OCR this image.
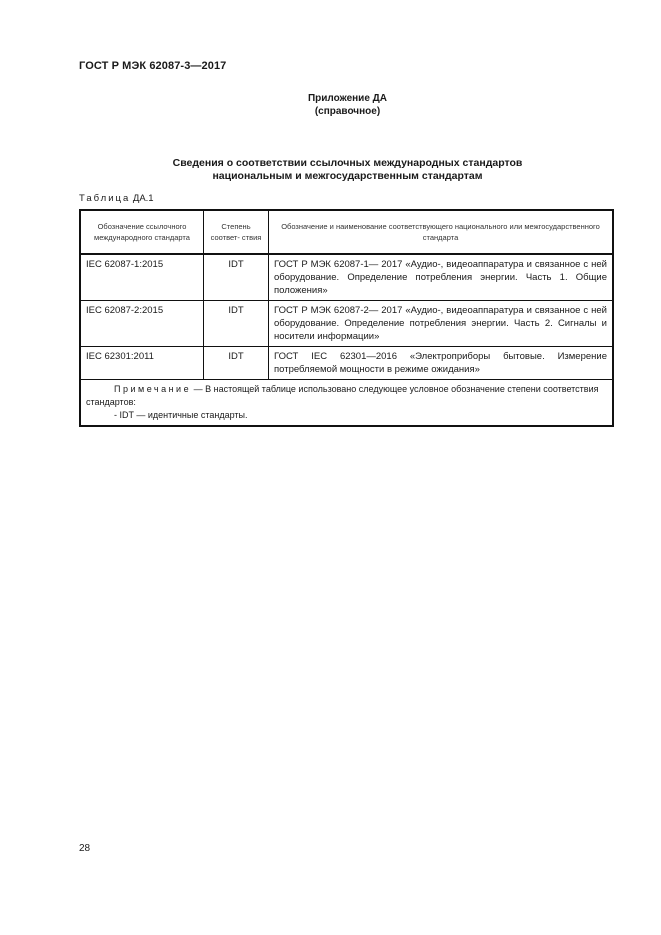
ГОСТ Р МЭК 62087-3—2017
Приложение ДА
(справочное)
Сведения о соответствии ссылочных международных стандартов
национальным и межгосударственным стандартам
Таблица ДА.1
Обозначение ссылочного международного стандарта	Степень соответ- ствия	Обозначение и наименование соответствующего национального или межгосударственного стандарта
IEC 62087-1:2015	IDT	ГОСТ Р МЭК 62087-1— 2017 «Аудио-, видеоаппаратура и связанное с ней оборудование. Определение потребления энергии. Часть 1. Общие положения»
IEC 62087-2:2015	IDT	ГОСТ Р МЭК 62087-2— 2017 «Аудио-, видеоаппаратура и связанное с ней оборудование. Определение потребления энергии. Часть 2. Сигналы и носители информации»
IEC 62301:2011	IDT	ГОСТ IEC 62301—2016 «Электроприборы бытовые. Измерение потребляемой мощности в режиме ожидания»

Примечание — В настоящей таблице использовано следующее условное обозначение степени соответствия стандартов:
- IDT — идентичные стандарты.		
28
